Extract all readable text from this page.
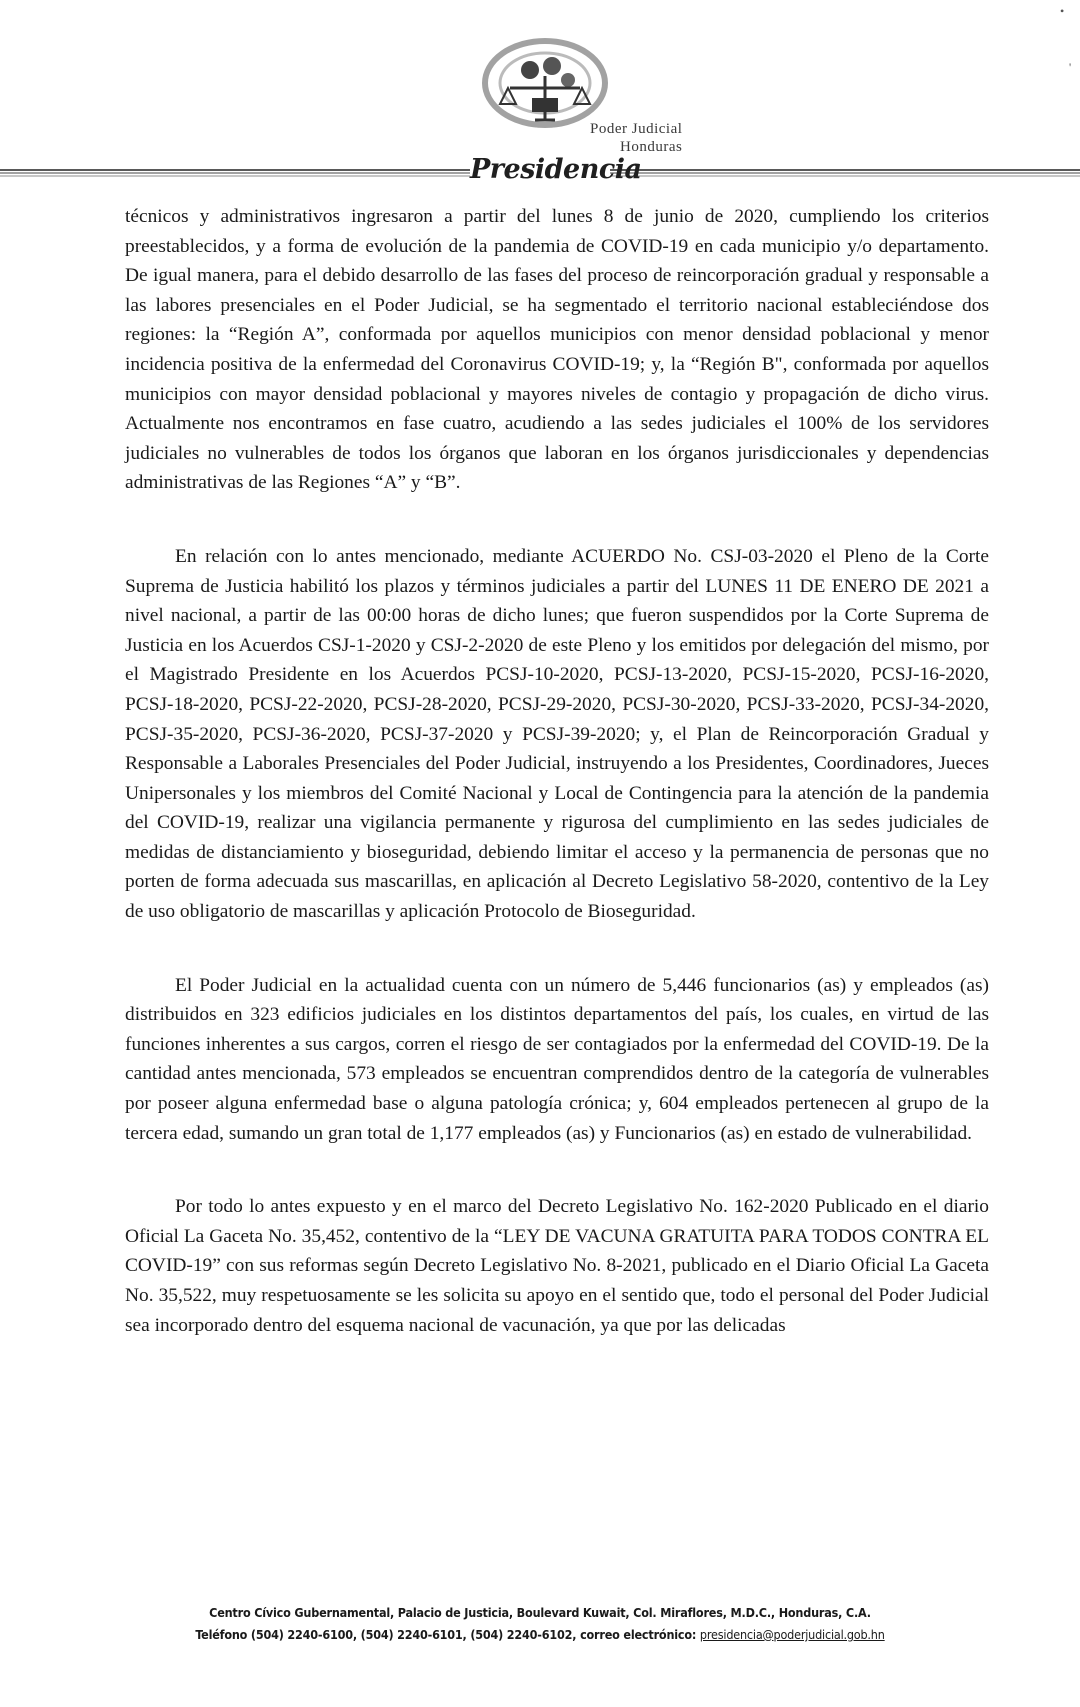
Poder Judicial
Honduras
Presidencia
•
'

técnicos y administrativos ingresaron a partir del lunes 8 de junio de 2020, cumpliendo los criterios preestablecidos, y a forma de evolución de la pandemia de COVID-19 en cada municipio y/o departamento. De igual manera, para el debido desarrollo de las fases del proceso de reincorporación gradual y responsable a las labores presenciales en el Poder Judicial, se ha segmentado el territorio nacional estableciéndose dos regiones: la “Región A”, conformada por aquellos municipios con menor densidad poblacional y menor incidencia positiva de la enfermedad del Coronavirus COVID-19; y, la “Región B", conformada por aquellos municipios con mayor densidad poblacional y mayores niveles de contagio y propagación de dicho virus. Actualmente nos encontramos en fase cuatro, acudiendo a las sedes judiciales el 100% de los servidores judiciales no vulnerables de todos los órganos que laboran en los órganos jurisdiccionales y dependencias administrativas de las Regiones “A” y “B”.

En relación con lo antes mencionado, mediante ACUERDO No. CSJ-03-2020 el Pleno de la Corte Suprema de Justicia habilitó los plazos y términos judiciales a partir del LUNES 11 DE ENERO DE 2021 a nivel nacional, a partir de las 00:00 horas de dicho lunes; que fueron suspendidos por la Corte Suprema de Justicia en los Acuerdos CSJ-1-2020 y CSJ-2-2020 de este Pleno y los emitidos por delegación del mismo, por el Magistrado Presidente en los Acuerdos PCSJ-10-2020, PCSJ-13-2020, PCSJ-15-2020, PCSJ-16-2020, PCSJ-18-2020, PCSJ-22-2020, PCSJ-28-2020, PCSJ-29-2020, PCSJ-30-2020, PCSJ-33-2020, PCSJ-34-2020, PCSJ-35-2020, PCSJ-36-2020, PCSJ-37-2020 y PCSJ-39-2020; y, el Plan de Reincorporación Gradual y Responsable a Laborales Presenciales del Poder Judicial, instruyendo a los Presidentes, Coordinadores, Jueces Unipersonales y los miembros del Comité Nacional y Local de Contingencia para la atención de la pandemia del COVID-19, realizar una vigilancia permanente y rigurosa del cumplimiento en las sedes judiciales de medidas de distanciamiento y bioseguridad, debiendo limitar el acceso y la permanencia de personas que no porten de forma adecuada sus mascarillas, en aplicación al Decreto Legislativo 58-2020, contentivo de la Ley de uso obligatorio de mascarillas y aplicación Protocolo de Bioseguridad.

El Poder Judicial en la actualidad cuenta con un número de 5,446 funcionarios (as) y empleados (as) distribuidos en 323 edificios judiciales en los distintos departamentos del país, los cuales, en virtud de las funciones inherentes a sus cargos, corren el riesgo de ser contagiados por la enfermedad del COVID-19. De la cantidad antes mencionada, 573 empleados se encuentran comprendidos dentro de la categoría de vulnerables por poseer alguna enfermedad base o alguna patología crónica; y, 604 empleados pertenecen al grupo de la tercera edad, sumando un gran total de 1,177 empleados (as) y Funcionarios (as) en estado de vulnerabilidad.

Por todo lo antes expuesto y en el marco del Decreto Legislativo No. 162-2020 Publicado en el diario Oficial La Gaceta No. 35,452, contentivo de la “LEY DE VACUNA GRATUITA PARA TODOS CONTRA EL COVID-19” con sus reformas según Decreto Legislativo No. 8-2021, publicado en el Diario Oficial La Gaceta No. 35,522, muy respetuosamente se les solicita su apoyo en el sentido que, todo el personal del Poder Judicial sea incorporado dentro del esquema nacional de vacunación, ya que por las delicadas

Centro Cívico Gubernamental, Palacio de Justicia, Boulevard Kuwait, Col. Miraflores, M.D.C., Honduras, C.A.
Teléfono (504) 2240-6100, (504) 2240-6101, (504) 2240-6102, correo electrónico: presidencia@poderjudicial.gob.hn
